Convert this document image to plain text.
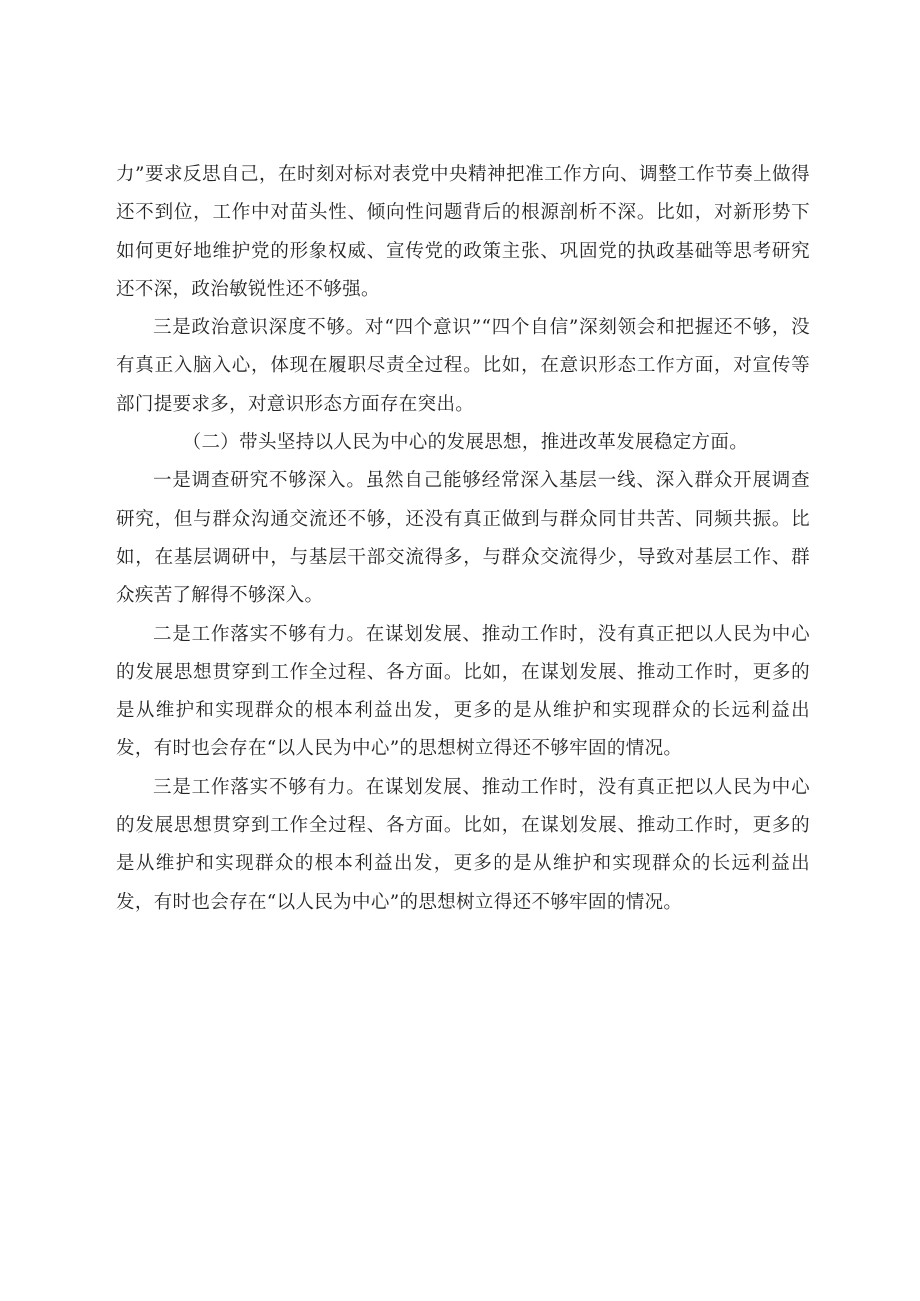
力”要求反思自己，在时刻对标对表党中央精神把准工作方向、调整工作节奏上做得还不到位，工作中对苗头性、倾向性问题背后的根源剖析不深。比如，对新形势下如何更好地维护党的形象权威、宣传党的政策主张、巩固党的执政基础等思考研究还不深，政治敏锐性还不够强。

三是政治意识深度不够。对“四个意识”“四个自信”深刻领会和把握还不够，没有真正入脑入心，体现在履职尽责全过程。比如，在意识形态工作方面，对宣传等部门提要求多，对意识形态方面存在突出。

（二）带头坚持以人民为中心的发展思想，推进改革发展稳定方面。

一是调查研究不够深入。虽然自己能够经常深入基层一线、深入群众开展调查研究，但与群众沟通交流还不够，还没有真正做到与群众同甘共苦、同频共振。比如，在基层调研中，与基层干部交流得多，与群众交流得少，导致对基层工作、群众疾苦了解得不够深入。

二是工作落实不够有力。在谋划发展、推动工作时，没有真正把以人民为中心的发展思想贯穿到工作全过程、各方面。比如，在谋划发展、推动工作时，更多的是从维护和实现群众的根本利益出发，更多的是从维护和实现群众的长远利益出发，有时也会存在“以人民为中心”的思想树立得还不够牢固的情况。

三是工作落实不够有力。在谋划发展、推动工作时，没有真正把以人民为中心的发展思想贯穿到工作全过程、各方面。比如，在谋划发展、推动工作时，更多的是从维护和实现群众的根本利益出发，更多的是从维护和实现群众的长远利益出发，有时也会存在“以人民为中心”的思想树立得还不够牢固的情况。
